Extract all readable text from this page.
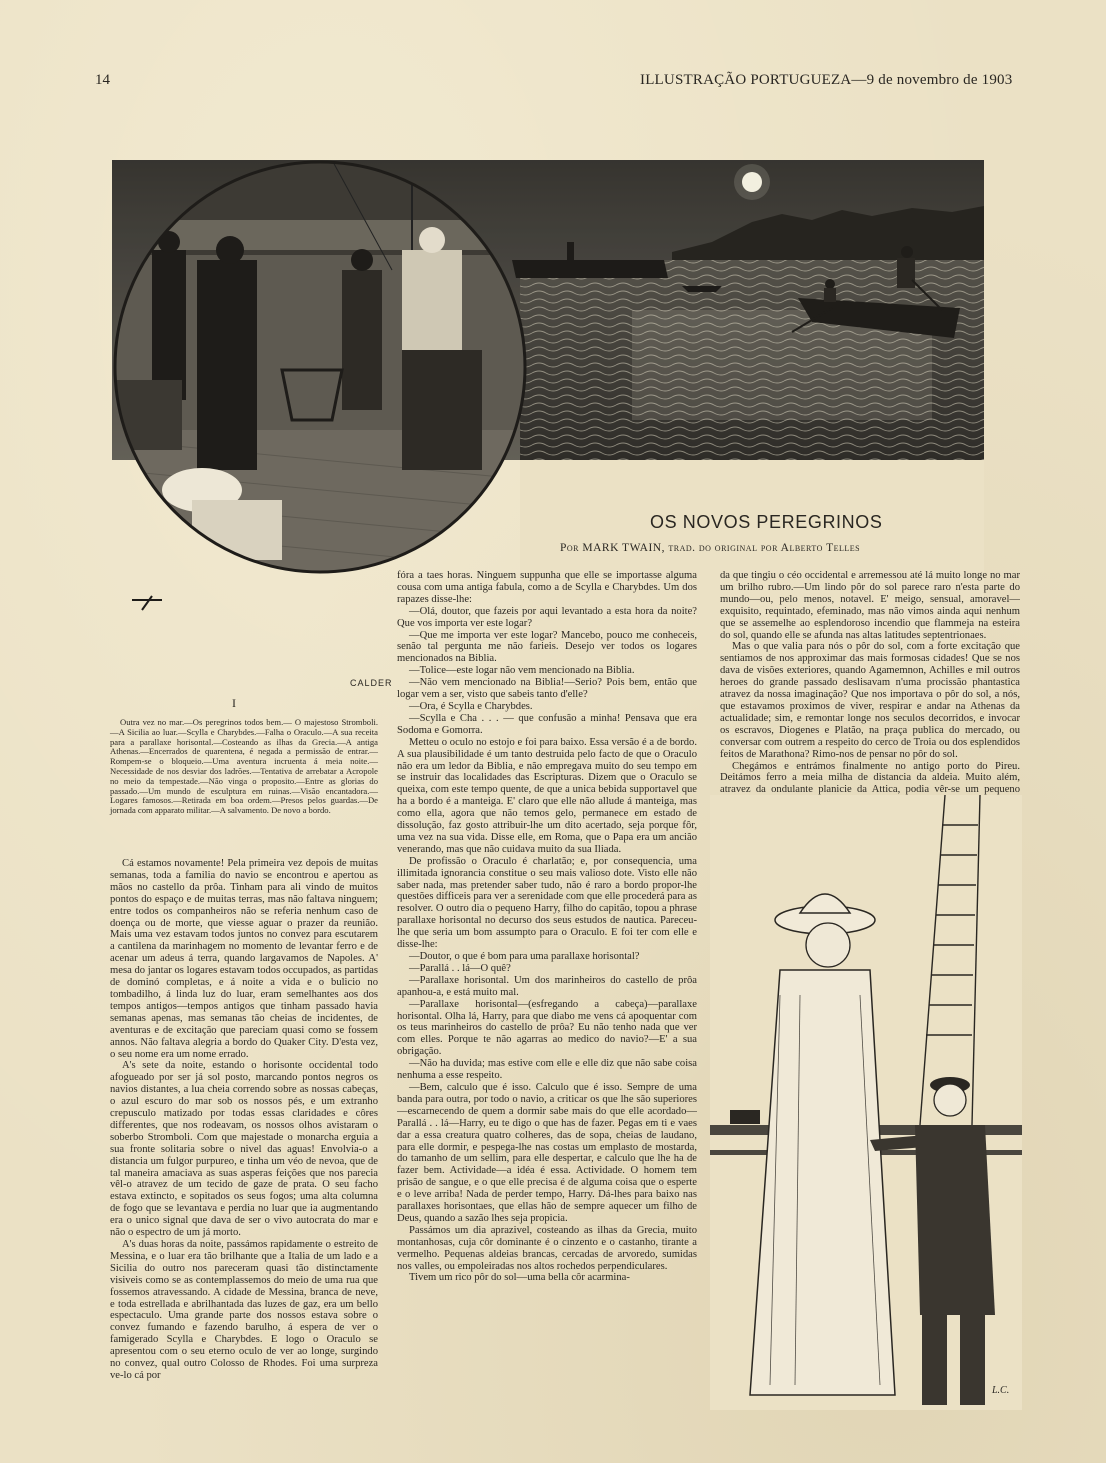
14	ILLUSTRAÇÃO PORTUGUEZA—9 de novembro de 1903
CALDER
OS NOVOS PEREGRINOS
Por MARK TWAIN, trad. do original por Alberto Telles
I
Outra vez no mar.—Os peregrinos todos bem.— O majestoso Stromboli.—A Sicilia ao luar.—Scylla e Charybdes.—Falha o Oraculo.—A sua receita para a parallaxe horisontal.—Costeando as ilhas da Grecia.—A antiga Athenas.—Encerrados de quarentena, é negada a permissão de entrar.—Rompem-se o bloqueio.—Uma aventura incruenta á meia noite.—Necessidade de nos desviar dos ladrões.—Tentativa de arrebatar a Acropole no meio da tempestade.—Não vinga o proposito.—Entre as glorias do passado.—Um mundo de esculptura em ruinas.—Visão encantadora.—Logares famosos.—Retirada em boa ordem.—Presos pelos guardas.—De jornada com apparato militar.—A salvamento. De novo a bordo.

Cá estamos novamente! Pela primeira vez depois de muitas semanas, toda a familia do navio se encontrou e apertou as mãos no castello da prôa. Tinham para ali vindo de muitos pontos do espaço e de muitas terras, mas não faltava ninguem; entre todos os companheiros não se referia nenhum caso de doença ou de morte, que viesse aguar o prazer da reunião. Mais uma vez estavam todos juntos no convez para escutarem a cantilena da marinhagem no momento de levantar ferro e de acenar um adeus á terra, quando largavamos de Napoles. A' mesa do jantar os logares estavam todos occupados, as partidas de dominó completas, e á noite a vida e o bulicio no tombadilho, á linda luz do luar, eram semelhantes aos dos tempos antigos—tempos antigos que tinham passado havia semanas apenas, mas semanas tão cheias de incidentes, de aventuras e de excitação que pareciam quasi como se fossem annos. Não faltava alegria a bordo do Quaker City. D'esta vez, o seu nome era um nome errado.

A's sete da noite, estando o horisonte occidental todo afogueado por ser já sol posto, marcando pontos negros os navios distantes, a lua cheia correndo sobre as nossas cabeças, o azul escuro do mar sob os nossos pés, e um extranho crepusculo matizado por todas essas claridades e côres differentes, que nos rodeavam, os nossos olhos avistaram o soberbo Stromboli. Com que majestade o monarcha erguia a sua fronte solitaria sobre o nivel das aguas! Envolvia-o a distancia um fulgor purpureo, e tinha um véo de nevoa, que de tal maneira amaciava as suas asperas feições que nos parecia vêl-o atravez de um tecido de gaze de prata. O seu facho estava extincto, e sopitados os seus fogos; uma alta columna de fogo que se levantava e perdia no luar que ia augmentando era o unico signal que dava de ser o vivo autocrata do mar e não o espectro de um já morto.

A's duas horas da noite, passámos rapidamente o estreito de Messina, e o luar era tão brilhante que a Italia de um lado e a Sicilia do outro nos pareceram quasi tão distinctamente visiveis como se as contemplassemos do meio de uma rua que fossemos atravessando. A cidade de Messina, branca de neve, e toda estrellada e abrilhantada das luzes de gaz, era um bello espectaculo. Uma grande parte dos nossos estava sobre o convez fumando e fazendo barulho, á espera de ver o famigerado Scylla e Charybdes. E logo o Oraculo se apresentou com o seu eterno oculo de ver ao longe, surgindo no convez, qual outro Colosso de Rhodes. Foi uma surpreza ve-lo cá por

fóra a taes horas. Ninguem suppunha que elle se importasse alguma cousa com uma antiga fabula, como a de Scylla e Charybdes. Um dos rapazes disse-lhe:

—Olá, doutor, que fazeis por aqui levantado a esta hora da noite? Que vos importa ver este logar?

—Que me importa ver este logar? Mancebo, pouco me conheceis, senão tal pergunta me não farieis. Desejo ver todos os logares mencionados na Biblia.

—Tolice—este logar não vem mencionado na Biblia.

—Não vem mencionado na Biblia!—Serio? Pois bem, então que logar vem a ser, visto que sabeis tanto d'elle?

—Ora, é Scylla e Charybdes.

—Scylla e Cha . . . — que confusão a minha! Pensava que era Sodoma e Gomorra.

Metteu o oculo no estojo e foi para baixo. Essa versão é a de bordo. A sua plausibilidade é um tanto destruida pelo facto de que o Oraculo não era um ledor da Biblia, e não empregava muito do seu tempo em se instruir das localidades das Escripturas. Dizem que o Oraculo se queixa, com este tempo quente, de que a unica bebida supportavel que ha a bordo é a manteiga. E' claro que elle não allude á manteiga, mas como ella, agora que não temos gelo, permanece em estado de dissolução, faz gosto attribuir-lhe um dito acertado, seja porque fôr, uma vez na sua vida. Disse elle, em Roma, que o Papa era um ancião venerando, mas que não cuidava muito da sua Iliada.

De profissão o Oraculo é charlatão; e, por consequencia, uma illimitada ignorancia constitue o seu mais valioso dote. Visto elle não saber nada, mas pretender saber tudo, não é raro a bordo propor-lhe questões difficeis para ver a serenidade com que elle procederá para as resolver. O outro dia o pequeno Harry, filho do capitão, topou a phrase parallaxe horisontal no decurso dos seus estudos de nautica. Pareceu-lhe que seria um bom assumpto para o Oraculo. E foi ter com elle e disse-lhe:

—Doutor, o que é bom para uma parallaxe horisontal?

—Parallá . . lá—O quê?

—Parallaxe horisontal. Um dos marinheiros do castello de prôa apanhou-a, e está muito mal.

—Parallaxe horisontal—(esfregando a cabeça)—parallaxe horisontal. Olha lá, Harry, para que diabo me vens cá apoquentar com os teus marinheiros do castello de prôa? Eu não tenho nada que ver com elles. Porque te não agarras ao medico do navio?—E' a sua obrigação.

—Não ha duvida; mas estive com elle e elle diz que não sabe coisa nenhuma a esse respeito.

—Bem, calculo que é isso. Calculo que é isso. Sempre de uma banda para outra, por todo o navio, a criticar os que lhe são superiores—escarnecendo de quem a dormir sabe mais do que elle acordado—Parallá . . lá—Harry, eu te digo o que has de fazer. Pegas em ti e vaes dar a essa creatura quatro colheres, das de sopa, cheias de laudano, para elle dormir, e pespega-lhe nas costas um emplasto de mostarda, do tamanho de um sellim, para elle despertar, e calculo que lhe ha de fazer bem. Actividade—a idéa é essa. Actividade. O homem tem prisão de sangue, e o que elle precisa é de alguma coisa que o esperte e o leve arriba! Nada de perder tempo, Harry. Dá-lhes para baixo nas parallaxes horisontaes, que ellas hão de sempre aquecer um filho de Deus, quando a sazão lhes seja propicia.

Passámos um dia aprazivel, costeando as ilhas da Grecia, muito montanhosas, cuja côr dominante é o cinzento e o castanho, tirante a vermelho. Pequenas aldeias brancas, cercadas de arvoredo, sumidas nos valles, ou empoleiradas nos altos rochedos perpendiculares.

Tivem um rico pôr do sol—uma bella côr acarmina-

da que tingiu o céo occidental e arremessou até lá muito longe no mar um brilho rubro.—Um lindo pôr do sol parece raro n'esta parte do mundo—ou, pelo menos, notavel. E' meigo, sensual, amoravel—exquisito, requintado, efeminado, mas não vimos ainda aqui nenhum que se assemelhe ao esplendoroso incendio que flammeja na esteira do sol, quando elle se afunda nas altas latitudes septentrionaes.

Mas o que valia para nós o pôr do sol, com a forte excitação que sentiamos de nos approximar das mais formosas cidades! Que se nos dava de visões exteriores, quando Agamemnon, Achilles e mil outros heroes do grande passado deslisavam n'uma procissão phantastica atravez da nossa imaginação? Que nos importava o pôr do sol, a nós, que estavamos proximos de viver, respirar e andar na Athenas da actualidade; sim, e remontar longe nos seculos decorridos, e invocar os escravos, Diogenes e Platão, na praça publica do mercado, ou conversar com outrem a respeito do cerco de Troia ou dos esplendidos feitos de Marathona? Rimo-nos de pensar no pôr do sol.

Chegámos e entrámos finalmente no antigo porto do Pireu. Deitámos ferro a meia milha de distancia da aldeia. Muito além, atravez da ondulante planicie da Attica, podia vêr-se um pequeno

L.C.
